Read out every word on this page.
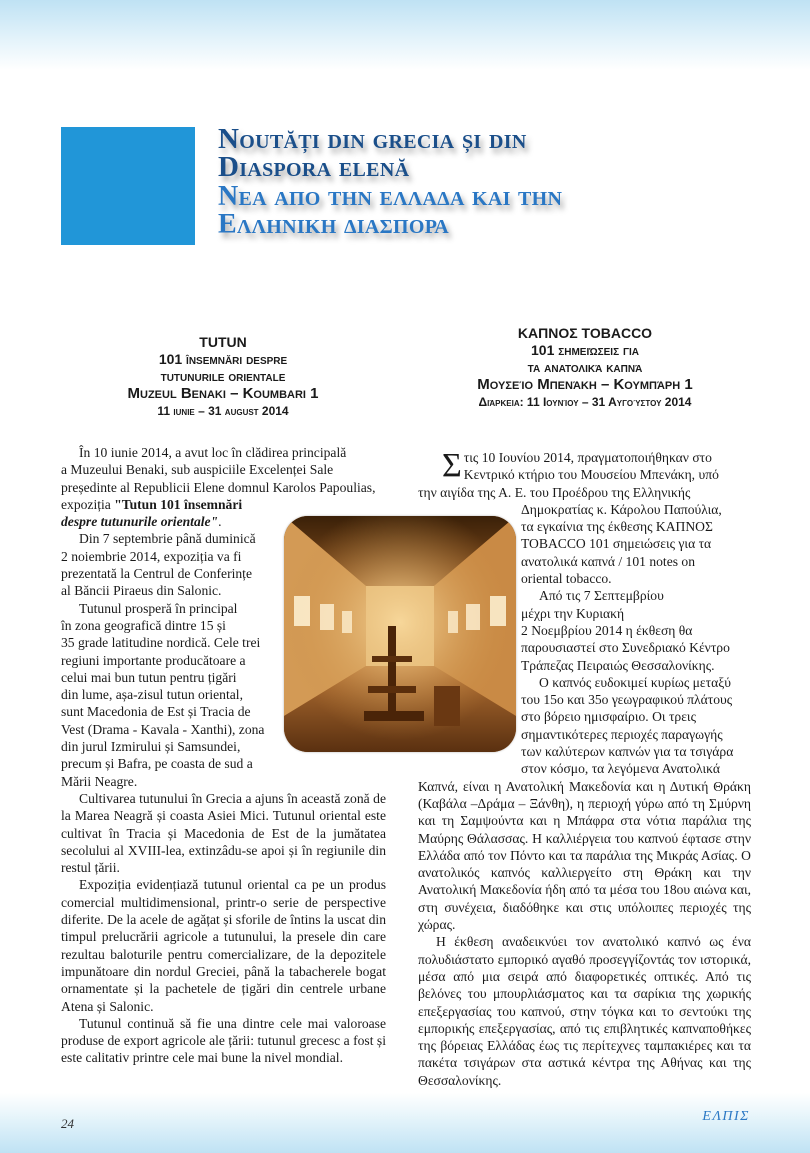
Noutăți din grecia și din
Diaspora elenă
Νεα απο την ελλαδα και την
Ελληνικη διασπορα
TUTUN
101 însemnări despre
tutunurile orientale
Muzeul Benaki – Koumbari 1
11 iunie – 31 august 2014
ΚΑΠΝΟΣ TOBACCO
101 σημειώσεις για
τα ανατολικά καπνά
Μουσείο Μπενάκη – Κουμπάρη 1
Διάρκεια: 11 Ιουνίου – 31 Αυγούστου 2014

În 10 iunie 2014, a avut loc în clădirea principală

a Muzeului Benaki, sub auspiciile Excelenței Sale
președinte al Republicii Elene domnul Karolos Papoulias,

expoziția "Tutun 101 însemnări
despre tutunurile orientale".

Din 7 septembrie până duminică

2 noiembrie 2014, expoziția va fi
prezentată la Centrul de Conferințe
al Băncii Piraeus din Salonic.

Tutunul prosperă în principal

în zona geografică dintre 15 și
35 grade latitudine nordică. Cele trei
regiuni importante producătoare a
celui mai bun tutun pentru țigări
din lume, așa-zisul tutun oriental,
sunt Macedonia de Est și Tracia de
Vest (Drama - Kavala - Xanthi), zona
din jurul Izmirului și Samsundei,
precum și Bafra, pe coasta de sud a
Mării Neagre.

Cultivarea tutunului în Grecia a ajuns în această zonă de la Marea Neagră și coasta Asiei Mici. Tutunul oriental este cultivat în Tracia și Macedonia de Est de la jumătatea secolului al XVIII-lea, extinzâdu-se apoi și în regiunile din restul țării.

Expoziția evidențiază tutunul oriental ca pe un produs comercial multidimensional, printr-o serie de perspective diferite. De la acele de agățat și sforile de întins la uscat din timpul prelucrării agricole a tutunului, la presele din care rezultau baloturile pentru comercializare, de la depozitele impunătoare din nordul Greciei, până la tabacherele bogat ornamentate și la pachetele de țigări din centrele urbane Atena și Salonic.

Tutunul continuă să fie una dintre cele mai valoroase produse de export agricole ale țării: tutunul grecesc a fost și este calitativ printre cele mai bune la nivel mondial.

Σ τις 10 Ιουνίου 2014, πραγματοποιήθηκαν στο
Κεντρικό κτήριο του Μουσείου Μπενάκη, υπό
την αιγίδα της Α. Ε. του Προέδρου της Ελληνικής
Δημοκρατίας κ. Κάρολου Παπούλια,
τα εγκαίνια της έκθεσης ΚΑΠΝΟΣ
TOBACCO 101 σημειώσεις για τα
ανατολικά καπνά / 101 notes on
oriental tobacco.

Από τις 7 Σεπτεμβρίου

μέχρι την Κυριακή
2 Νοεμβρίου 2014 η έκθεση θα
παρουσιαστεί στο Συνεδριακό Κέντρο
Τράπεζας Πειραιώς Θεσσαλονίκης.

Ο καπνός ευδοκιμεί κυρίως μεταξύ

του 15ο και 35ο γεωγραφικού πλάτους
στο βόρειο ημισφαίριο. Οι τρεις
σημαντικότερες περιοχές παραγωγής
των καλύτερων καπνών για τα τσιγάρα
στον κόσμο, τα λεγόμενα Ανατολικά

Καπνά, είναι η Ανατολική Μακεδονία και η Δυτική Θράκη (Καβάλα –Δράμα – Ξάνθη), η περιοχή γύρω από τη Σμύρνη και τη Σαμψούντα και η Μπάφρα στα νότια παράλια της Μαύρης Θάλασσας. Η καλλιέργεια του καπνού έφτασε στην Ελλάδα από τον Πόντο και τα παράλια της Μικράς Ασίας. Ο ανατολικός καπνός καλλιεργείτο στη Θράκη και την Ανατολική Μακεδονία ήδη από τα μέσα του 18ου αιώνα και, στη συνέχεια, διαδόθηκε και στις υπόλοιπες περιοχές της χώρας.

Η έκθεση αναδεικνύει τον ανατολικό καπνό ως ένα πολυδιάστατο εμπορικό αγαθό προσεγγίζοντάς τον ιστορικά, μέσα από μια σειρά από διαφορετικές οπτικές. Από τις βελόνες του μπουρλιάσματος και τα σαρίκια της χωρικής επεξεργασίας του καπνού, στην τόγκα και το σεντούκι της εμπορικής επεξεργασίας, από τις επιβλητικές καπναποθήκες της βόρειας Ελλάδας έως τις περίτεχνες ταμπακιέρες και τα πακέτα τσιγάρων στα αστικά κέντρα της Αθήνας και της Θεσσαλονίκης.

24	ΕΛΠΙΣ
